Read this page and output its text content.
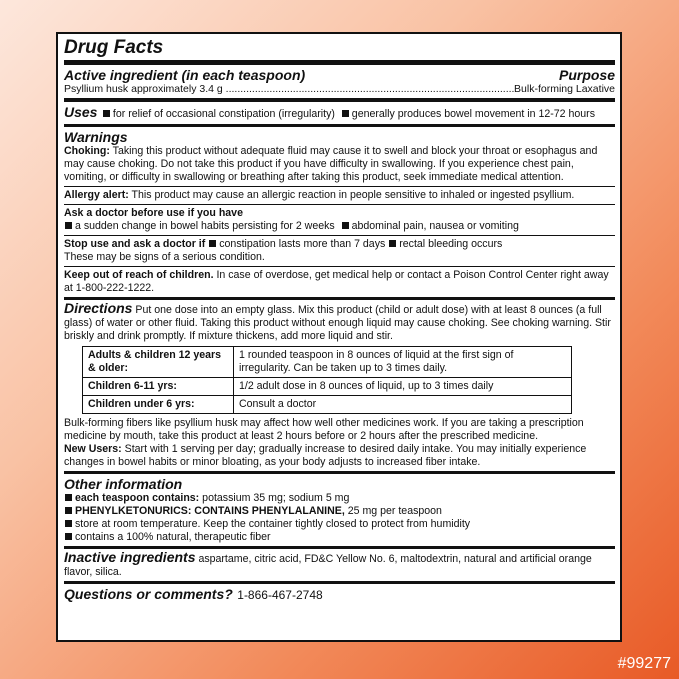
Drug Facts
Active ingredient (in each teaspoon)	Purpose
Psyllium husk approximately 3.4 g .....	Bulk-forming Laxative
Uses for relief of occasional constipation (irregularity) generally produces bowel movement in 12-72 hours
Warnings
Choking: Taking this product without adequate fluid may cause it to swell and block your throat or esophagus and may cause choking. Do not take this product if you have difficulty in swallowing. If you experience chest pain, vomiting, or difficulty in swallowing or breathing after taking this product, seek immediate medical attention.
Allergy alert: This product may cause an allergic reaction in people sensitive to inhaled or ingested psyllium.
Ask a doctor before use if you have
a sudden change in bowel habits persisting for 2 weeks abdominal pain, nausea or vomiting
Stop use and ask a doctor if constipation lasts more than 7 days rectal bleeding occurs
These may be signs of a serious condition.
Keep out of reach of children. In case of overdose, get medical help or contact a Poison Control Center right away at 1-800-222-1222.
Directions Put one dose into an empty glass. Mix this product (child or adult dose) with at least 8 ounces (a full glass) of water or other fluid. Taking this product without enough liquid may cause choking. See choking warning. Stir briskly and drink promptly. If mixture thickens, add more liquid and stir.
Adults & children 12 years & older:	1 rounded teaspoon in 8 ounces of liquid at the first sign of irregularity. Can be taken up to 3 times daily.
Children 6-11 yrs:	1/2 adult dose in 8 ounces of liquid, up to 3 times daily
Children under 6 yrs:	Consult a doctor
Bulk-forming fibers like psyllium husk may affect how well other medicines work. If you are taking a prescription medicine by mouth, take this product at least 2 hours before or 2 hours after the prescribed medicine.
New Users: Start with 1 serving per day; gradually increase to desired daily intake. You may initially experience changes in bowel habits or minor bloating, as your body adjusts to increased fiber intake.
Other information
each teaspoon contains: potassium 35 mg; sodium 5 mg
PHENYLKETONURICS: CONTAINS PHENYLALANINE, 25 mg per teaspoon
store at room temperature. Keep the container tightly closed to protect from humidity
contains a 100% natural, therapeutic fiber
Inactive ingredients aspartame, citric acid, FD&C Yellow No. 6, maltodextrin, natural and artificial orange flavor, silica.
Questions or comments? 1-866-467-2748
#99277
